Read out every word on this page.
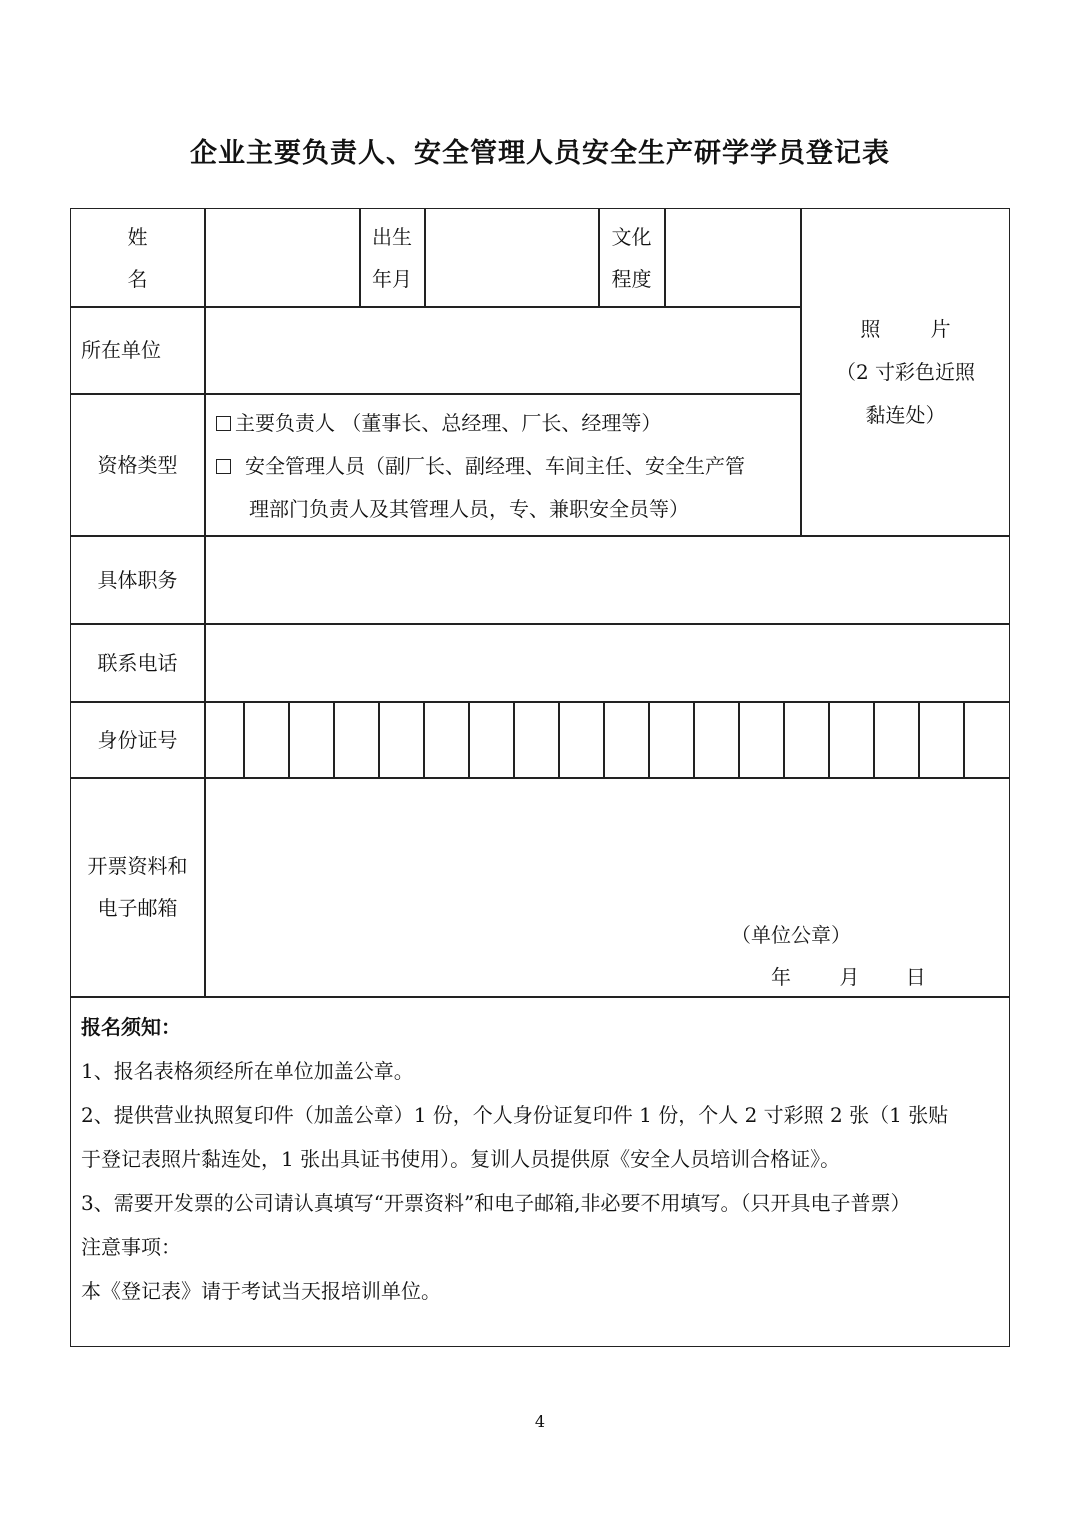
企业主要负责人、安全管理人员安全生产研学学员登记表
姓 名
出生
年月
文化
程度
照 片
（2 寸彩色近照
黏连处）
所在单位
资格类型
主要负责人 （董事长、总经理、厂长、经理等）
安全管理人员（副厂长、副经理、车间主任、安全生产管
理部门负责人及其管理人员，专、兼职安全员等）
具体职务
联系电话
身份证号
开票资料和
电子邮箱
（单位公章）
年 月 日

报名须知：

1、报名表格须经所在单位加盖公章。

2、提供营业执照复印件（加盖公章）1 份，个人身份证复印件 1 份，个人 2 寸彩照 2 张（1 张贴

于登记表照片黏连处，1 张出具证书使用）。复训人员提供原《安全人员培训合格证》。

3、需要开发票的公司请认真填写“开票资料”和电子邮箱,非必要不用填写。（只开具电子普票）

注意事项：

本《登记表》请于考试当天报培训单位。

4
